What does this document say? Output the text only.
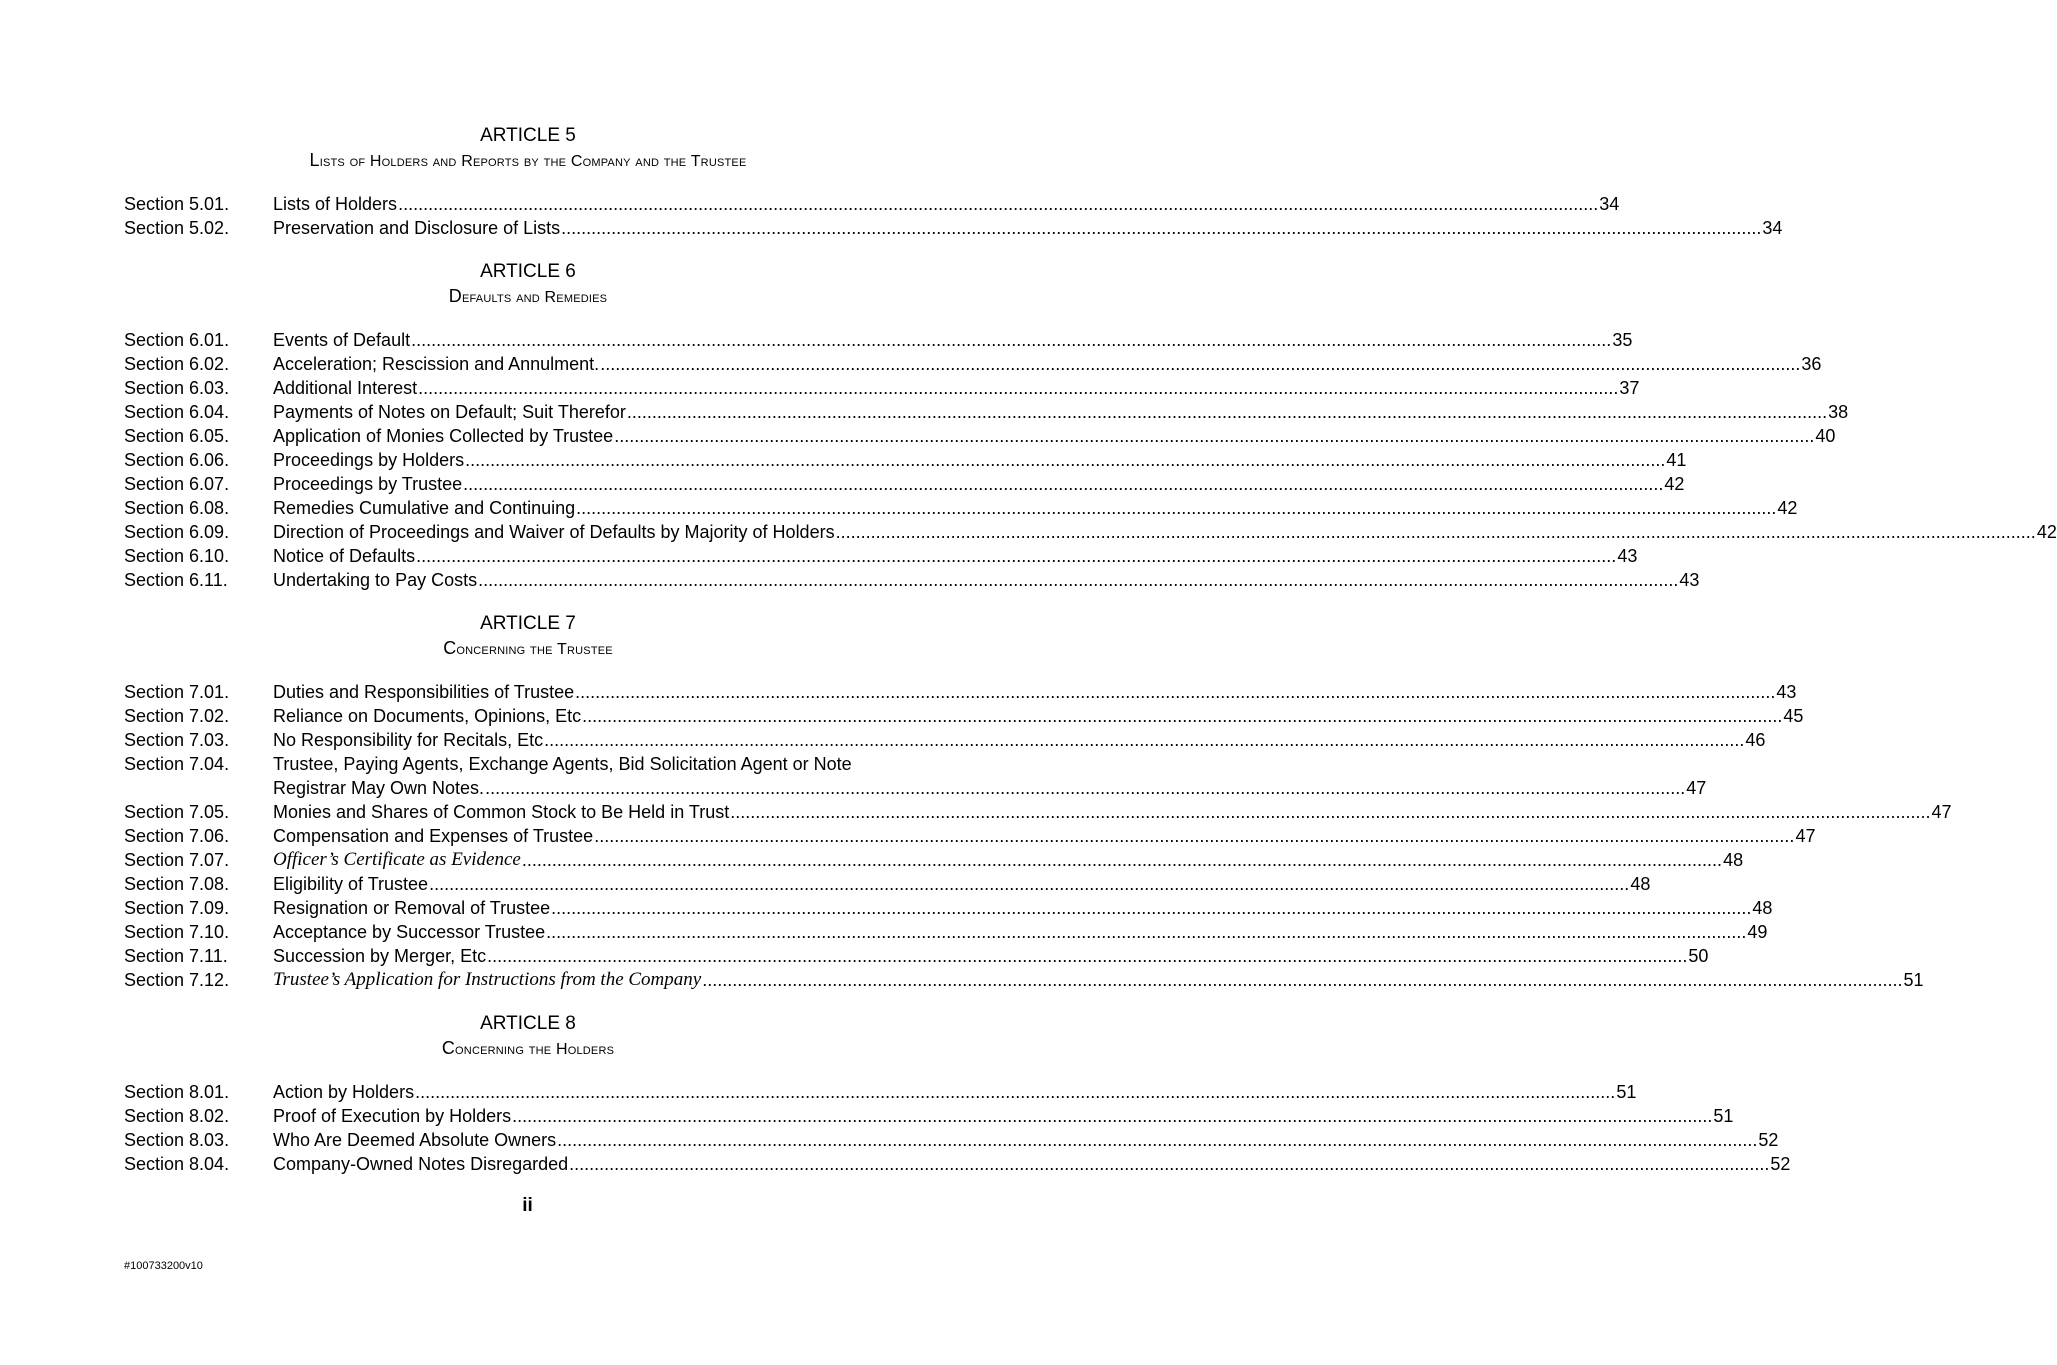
ARTICLE 5
Lists of Holders and Reports by the Company and the Trustee
Section 5.01.	Lists of Holders .....	34
Section 5.02.	Preservation and Disclosure of Lists .....	34
ARTICLE 6
Defaults and Remedies
Section 6.01.	Events of Default .....	35
Section 6.02.	Acceleration; Rescission and Annulment. .....	36
Section 6.03.	Additional Interest .....	37
Section 6.04.	Payments of Notes on Default; Suit Therefor .....	38
Section 6.05.	Application of Monies Collected by Trustee .....	40
Section 6.06.	Proceedings by Holders .....	41
Section 6.07.	Proceedings by Trustee .....	42
Section 6.08.	Remedies Cumulative and Continuing .....	42
Section 6.09.	Direction of Proceedings and Waiver of Defaults by Majority of Holders .....	42
Section 6.10.	Notice of Defaults .....	43
Section 6.11.	Undertaking to Pay Costs .....	43
ARTICLE 7
Concerning the Trustee
Section 7.01.	Duties and Responsibilities of Trustee .....	43
Section 7.02.	Reliance on Documents, Opinions, Etc .....	45
Section 7.03.	No Responsibility for Recitals, Etc .....	46
Section 7.04.	Trustee, Paying Agents, Exchange Agents, Bid Solicitation Agent or Note
Registrar May Own Notes. .....	47
Section 7.05.	Monies and Shares of Common Stock to Be Held in Trust .....	47
Section 7.06.	Compensation and Expenses of Trustee .....	47
Section 7.07.	Officer’s Certificate as Evidence .....	48
Section 7.08.	Eligibility of Trustee .....	48
Section 7.09.	Resignation or Removal of Trustee .....	48
Section 7.10.	Acceptance by Successor Trustee .....	49
Section 7.11.	Succession by Merger, Etc .....	50
Section 7.12.	Trustee’s Application for Instructions from the Company .....	51
ARTICLE 8
Concerning the Holders
Section 8.01.	Action by Holders .....	51
Section 8.02.	Proof of Execution by Holders .....	51
Section 8.03.	Who Are Deemed Absolute Owners .....	52
Section 8.04.	Company-Owned Notes Disregarded .....	52
ii
#100733200v10
